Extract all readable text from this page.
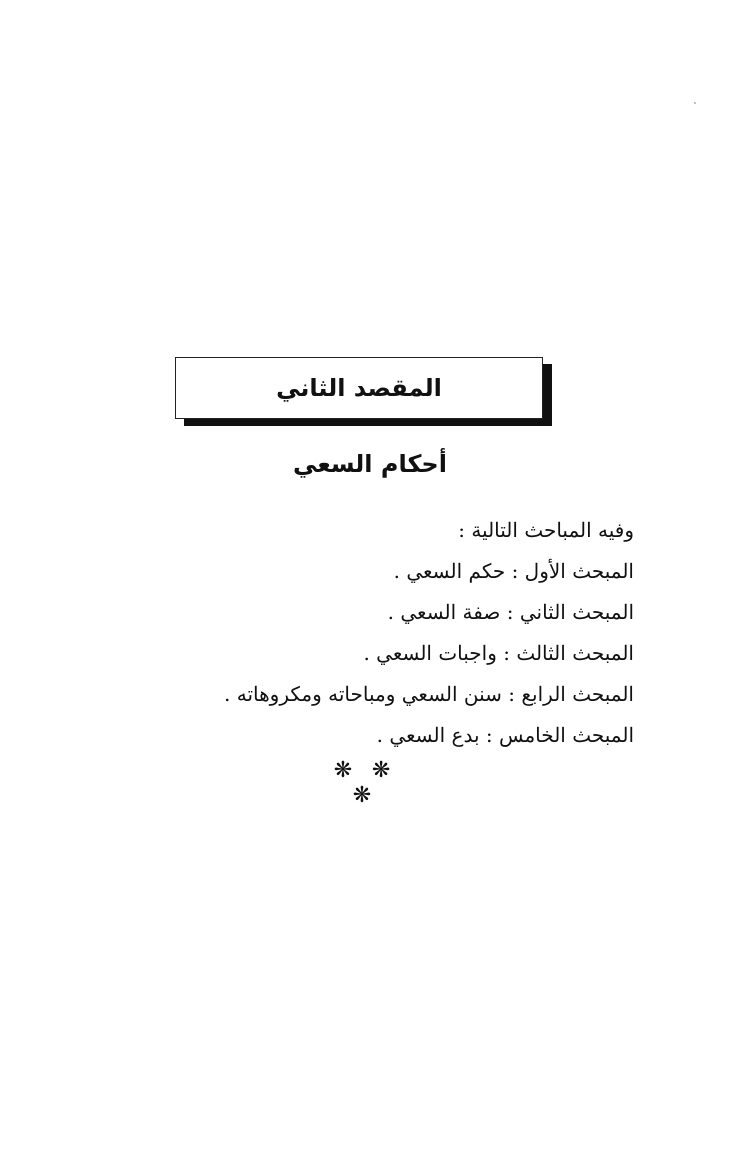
المقصد الثاني
أحكام السعي
وفيه المباحث التالية :
المبحث الأول : حكم السعي .
المبحث الثاني : صفة السعي .
المبحث الثالث : واجبات السعي .
المبحث الرابع : سنن السعي ومباحاته ومكروهاته .
المبحث الخامس : بدع السعي .
❋ ❋ ❋
